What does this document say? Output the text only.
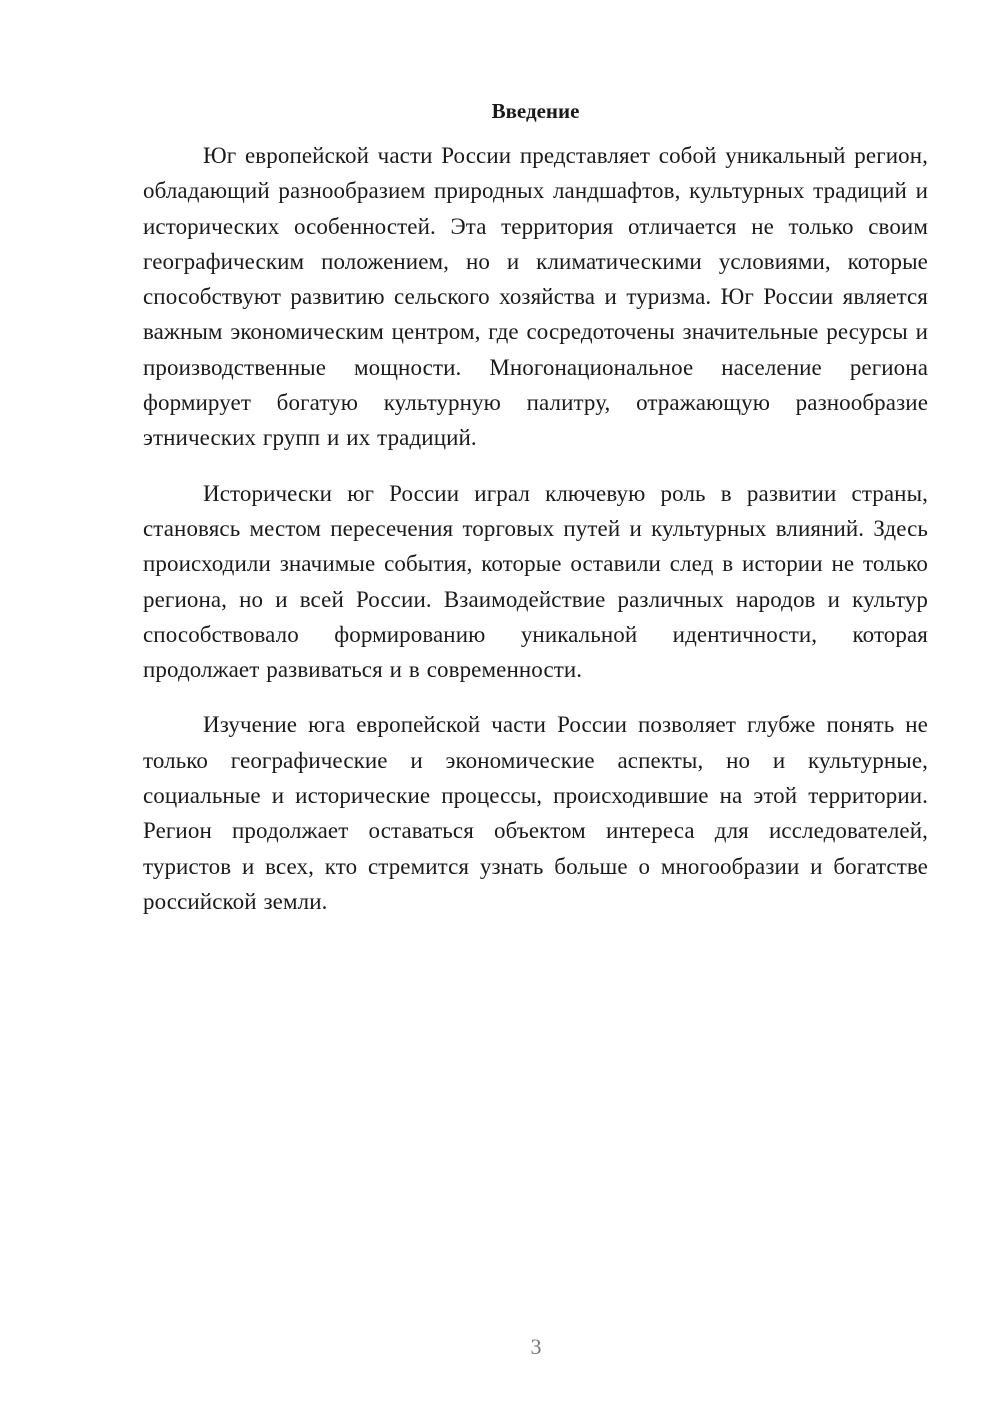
Введение

Юг европейской части России представляет собой уникальный регион, обладающий разнообразием природных ландшафтов, культурных традиций и исторических особенностей. Эта территория отличается не только своим географическим положением, но и климатическими условиями, которые способствуют развитию сельского хозяйства и туризма. Юг России является важным экономическим центром, где сосредоточены значительные ресурсы и производственные мощности. Многонациональное население региона формирует богатую культурную палитру, отражающую разнообразие этнических групп и их традиций.

Исторически юг России играл ключевую роль в развитии страны, становясь местом пересечения торговых путей и культурных влияний. Здесь происходили значимые события, которые оставили след в истории не только региона, но и всей России. Взаимодействие различных народов и культур способствовало формированию уникальной идентичности, которая продолжает развиваться и в современности.

Изучение юга европейской части России позволяет глубже понять не только географические и экономические аспекты, но и культурные, социальные и исторические процессы, происходившие на этой территории. Регион продолжает оставаться объектом интереса для исследователей, туристов и всех, кто стремится узнать больше о многообразии и богатстве российской земли.

3
